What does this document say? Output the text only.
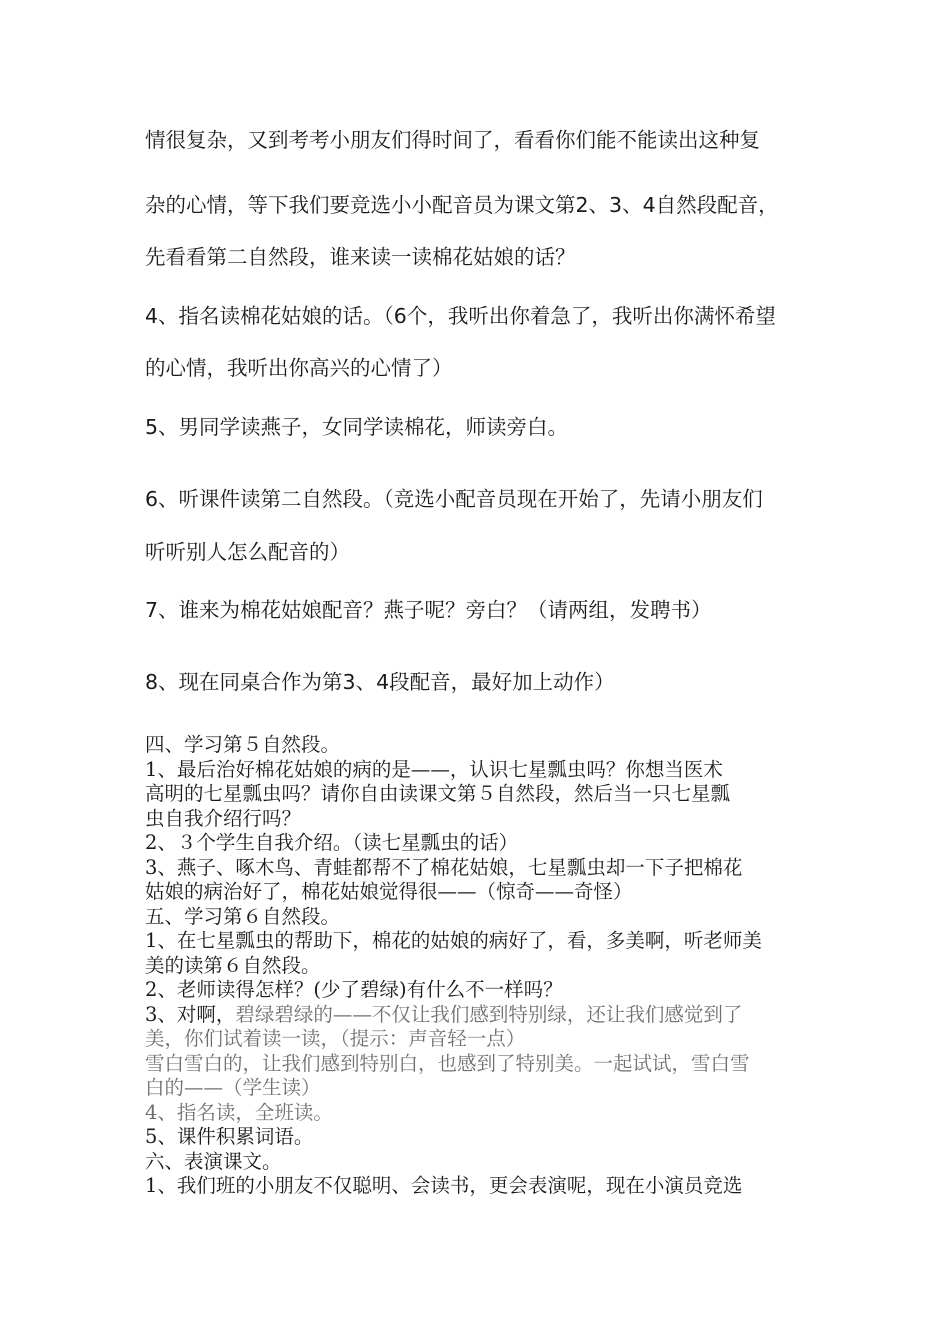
情很复杂，又到考考小朋友们得时间了，看看你们能不能读出这种复
杂的心情，等下我们要竞选小小配音员为课文第2、3、4自然段配音，
先看看第二自然段，谁来读一读棉花姑娘的话？
4、指名读棉花姑娘的话。（6个，我听出你着急了，我听出你满怀希望
的心情，我听出你高兴的心情了）
5、男同学读燕子，女同学读棉花，师读旁白。
6、听课件读第二自然段。（竞选小配音员现在开始了，先请小朋友们
听听别人怎么配音的）
7、谁来为棉花姑娘配音？燕子呢？旁白？（请两组，发聘书）
8、现在同桌合作为第3、4段配音，最好加上动作）
四、学习第５自然段。
1、最后治好棉花姑娘的病的是——，认识七星瓢虫吗？你想当医术
高明的七星瓢虫吗？请你自由读课文第５自然段，然后当一只七星瓢
虫自我介绍行吗？
2、３个学生自我介绍。（读七星瓢虫的话）
3、燕子、啄木鸟、青蛙都帮不了棉花姑娘，七星瓢虫却一下子把棉花
姑娘的病治好了，棉花姑娘觉得很——（惊奇——奇怪）
五、学习第６自然段。
1、在七星瓢虫的帮助下，棉花的姑娘的病好了，看，多美啊，听老师美
美的读第６自然段。
2、老师读得怎样？(少了碧绿)有什么不一样吗？
3、对啊，碧绿碧绿的——不仅让我们感到特别绿，还让我们感觉到了
美，你们试着读一读，（提示：声音轻一点）
雪白雪白的，让我们感到特别白，也感到了特别美。一起试试，雪白雪
白的——（学生读）
4、指名读，全班读。
5、课件积累词语。
六、表演课文。
1、我们班的小朋友不仅聪明、会读书，更会表演呢，现在小演员竞选
